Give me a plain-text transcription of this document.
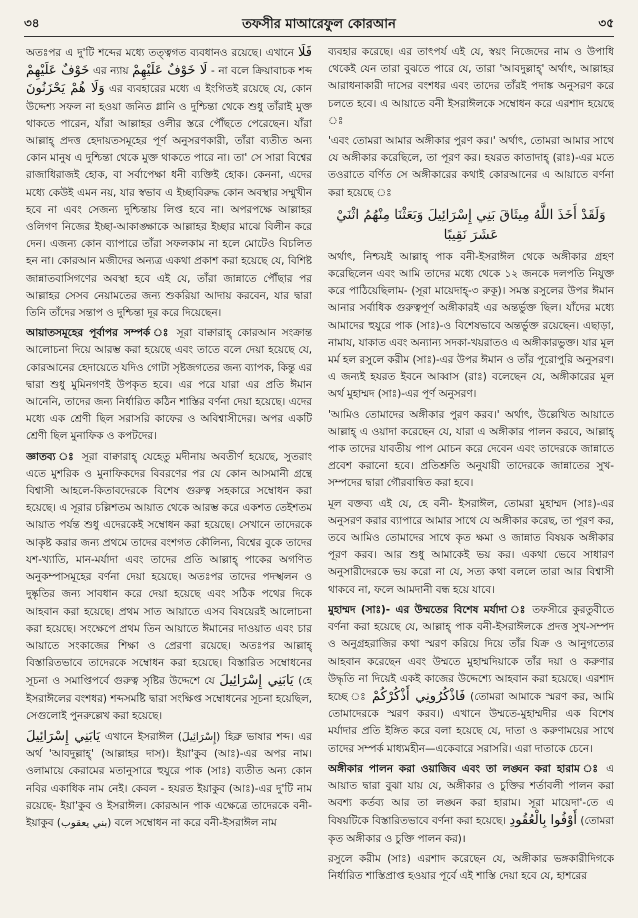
৩৪	তফসীর মাআরেফুল কোরআন	৩৫

অতঃপর এ দু'টি শব্দের মধ্যে তত্ত্বগত ব্যবধানও রয়েছে। এখানে فَلَا خَوْفٌ عَلَيْهِمْ এর ন্যায় لَا خَوْفٌ عَلَيْهِمْ - না বলে ক্রিয়াবাচক শব্দ وَلَا هُمْ يَحْزَنُونَ এর ব্যবহারের মধ্যে এ ইংগিতই রয়েছে যে, কোন উদ্দেশ্য সফল না হওয়া জনিত গ্লানি ও দুশ্চিন্তা থেকে শুধু তাঁরাই মুক্ত থাকতে পারেন, যাঁরা আল্লাহর ওলীর স্তরে পৌঁছতে পেরেছেন। যাঁরা আল্লাহ্ প্রদত্ত হেদায়তসমূহের পূর্ণ অনুসরণকারী, তাঁরা ব্যতীত অন্য কোন মানুষ এ দুশ্চিন্তা থেকে মুক্ত থাকতে পারে না। তা' সে সারা বিশ্বের রাজাধিরাজই হোক, বা সর্বাপেক্ষা ধনী ব্যক্তিই হোক। কেননা, এদের মধ্যে কেউই এমন নয়, যার স্বভাব এ ইচ্ছাবিরুদ্ধ কোন অবস্থার সম্মুখীন হবে না এবং সেজন্য দুশ্চিন্তায় লিপ্ত হবে না। অপরপক্ষে আল্লাহর ওলিগণ নিজের ইচ্ছা-আকাঙ্ক্ষাকে আল্লাহর ইচ্ছার মাঝে বিলীন করে দেন। এজন্য কোন ব্যাপারে তাঁরা সফলকাম না হলে মোটেও বিচলিত হন না। কোরআন মজীদের অন্যত্র একথা প্রকাশ করা হয়েছে যে, বিশিষ্ট জান্নাতবাসিগণের অবস্থা হবে এই যে, তাঁরা জান্নাতে পৌঁছার পর আল্লাহর সেসব নেয়ামতের জন্য শুকরিয়া আদায় করবেন, যার দ্বারা তিনি তাঁদের সন্তাপ ও দুশ্চিন্তা দূর করে দিয়েছেন।

আয়াতসমূহের পূর্বাপর সম্পর্ক ঃ সূরা বাক্বারাহ্ কোরআন সংক্রান্ত আলোচনা দিয়ে আরম্ভ করা হয়েছে এবং তাতে বলে দেয়া হয়েছে যে, কোরআনের হেদায়েতে যদিও গোটা সৃষ্টজগতের জন্য ব্যাপক, কিন্তু এর দ্বারা শুধু মুমিনগণই উপকৃত হবে। এর পরে যারা এর প্রতি ঈমান আনেনি, তাদের জন্য নির্ধারিত কঠিন শাস্তির বর্ণনা দেয়া হয়েছে। এদের মধ্যে এক শ্রেণী ছিল সরাসরি কাফের ও অবিশ্বাসীদের। অপর একটি শ্রেণী ছিল মুনাফিক ও কপটদের।

জ্ঞাতব্য ঃ সূরা বাক্বারাহ্ যেহেতু মদীনায় অবতীর্ণ হয়েছে, সুতরাং এতে মুশরিক ও মুনাফিকদের বিবরণের পর যে কোন আসমানী গ্রন্থে বিশ্বাসী আহলে-কিতাবদেরকে বিশেষ গুরুত্ব সহকারে সম্বোধন করা হয়েছে। এ সূরার চল্লিশতম আয়াত থেকে আরম্ভ করে একশত তেইশতম আয়াত পর্যন্ত শুধু এদেরকেই সম্বোধন করা হয়েছে। সেখানে তাদেরকে আকৃষ্ট করার জন্য প্রথমে তাদের বংশগত কৌলিন্য, বিশ্বের বুকে তাদের যশ-খ্যাতি, মান-মর্যাদা এবং তাদের প্রতি আল্লাহ্ পাকের অগণিত অনুকম্পাসমূহের বর্ণনা দেয়া হয়েছে। অতঃপর তাদের পদস্খলন ও দুষ্কৃতির জন্য সাবধান করে দেয়া হয়েছে এবং সঠিক পথের দিকে আহবান করা হয়েছে। প্রথম সাত আয়াতে এসব বিষয়েরই আলোচনা করা হয়েছে। সংক্ষেপে প্রথম তিন আয়াতে ঈমানের দাওয়াত এবং চার আয়াতে সংকাজের শিক্ষা ও প্রেরণা রয়েছে। অতঃপর আল্লাহ্ বিস্তারিতভাবে তাদেরকে সম্বোধন করা হয়েছে। বিস্তারিত সম্বোধনের সূচনা ও সমাপ্তিপর্বে গুরুত্ব সৃষ্টির উদ্দেশে যে يَابَنِي إِسْرَائِيلَ (হে ইসরাঈলের বংশধর) শব্দসমষ্টি দ্বারা সংক্ষিপ্ত সম্বোধনের সূচনা হয়েছিল, সেগুলোই পুনরুল্লেখ করা হয়েছে।

يَابَنِي إِسْرَائِيلَ এখানে ইসরাঈল (إِسْرَائِيلَ) হিব্রু ভাষার শব্দ। এর অর্থ 'আবদুল্লাহ্' (আল্লাহর দাস)। ইয়া'কুব (আঃ)-এর অপর নাম। ওলামায়ে কেরামের মতানুসারে হুযুরে পাক (সাঃ) ব্যতীত অন্য কোন নবির একাধিক নাম নেই। কেবল - হযরত ইয়াকুব (আঃ)-এর দু'টি নাম রয়েছে- ইয়া'কুব ও ইসরাঈল। কোরআন পাক এক্ষেত্রে তাদেরকে বনী-ইয়াকুব (بني يعقوب) বলে সম্বোধন না করে বনী-ইসরাঈল নাম

ব্যবহার করেছে। এর তাৎপর্য এই যে, স্বয়ং নিজেদের নাম ও উপাধি থেকেই যেন তারা বুঝতে পারে যে, তারা 'আবদুল্লাহ্' অর্থাৎ, আল্লাহর আরাধনাকারী দাসের বংশধর এবং তাদের তাঁরই পদাঙ্ক অনুসরণ করে চলতে হবে। এ আয়াতে বনী ইসরাঈলকে সম্বোধন করে এরশাদ হয়েছে ঃ

'এবং তোমরা আমার অঙ্গীকার পুরণ কর।' অর্থাৎ, তোমরা আমার সাথে যে অঙ্গীকার করেছিলে, তা পূরণ কর। হযরত কাতাদাহ্ (রাঃ)-এর মতে তওরাতে বর্ণিত সে অঙ্গীকারের কথাই কোরআনের এ আয়াতে বর্ণনা করা হয়েছে ঃ

وَلَقَدْ أَخَذَ اللَّهُ مِيثَاقَ بَنِي إِسْرَائِيلَ وَبَعَثْنَا مِنْهُمُ اثْنَيْ عَشَرَ نَقِيبًا

অর্থাৎ, নিশ্চয়ই আল্লাহ্ পাক বনী-ইসরাঈল থেকে অঙ্গীকার গ্রহণ করেছিলেন এবং আমি তাদের মধ্যে থেকে ১২ জনকে দলপতি নিযুক্ত করে পাঠিয়েছিলাম- (সূরা মায়েদাহ্-৩ রুকূ)। সমস্ত রসুলের উপর ঈমান আনার সর্বাধিক গুরুত্বপূর্ণ অঙ্গীকারই এর অন্তর্ভুক্ত ছিল। যাঁদের মধ্যে আমাদের হুযুরে পাক (সাঃ)-ও বিশেষভাবে অন্তর্ভুক্ত রয়েছেন। এছাড়া, নামায, যাকাত এবং অন্যান্য সদকা-খয়রাতও এ অঙ্গীকারভুক্ত। যার মূল মর্ম হল রসুলে করীম (সাঃ)-এর উপর ঈমান ও তাঁর পূরোপুরি অনুসরণ। এ জন্যই হযরত ইবনে আব্বাস (রাঃ) বলেছেন যে, অঙ্গীকারের মূল অর্থ মুহাম্মদ (সাঃ)-এর পূর্ণ অনুসরণ।

'আমিও তোমাদের অঙ্গীকার পুরণ করব।' অর্থাৎ, উল্লেখিত আয়াতে আল্লাহ্ এ ওয়াদা করেছেন যে, যারা এ অঙ্গীকার পালন করবে, আল্লাহ্ পাক তাদের যাবতীয় পাপ মোচন করে দেবেন এবং তাদেরকে জান্নাতে প্রবেশ করানো হবে। প্রতিশ্রুতি অনুযায়ী তাদেরকে জান্নাতের সুখ-সম্পদের দ্বারা গৌরবান্বিত করা হবে।

মূল বক্তব্য এই যে, হে বনী- ইসরাঈল, তোমরা মুহাম্মদ (সাঃ)-এর অনুসরণ করার ব্যাপারে আমার সাথে যে অঙ্গীকার করেছ, তা পূরণ কর, তবে আমিও তোমাদের সাথে কৃত ক্ষমা ও জান্নাত বিষয়ক অঙ্গীকার পূরণ করব। আর শুধু আমাকেই ভয় কর। একথা ভেবে সাধারণ অনুসারীদেরকে ভয় করো না যে, সত্য কথা বললে তারা আর বিশ্বাসী থাকবে না, ফলে আমদানী বন্ধ হয়ে যাবে।

মুহাম্মদ (সাঃ)- এর উম্মতের বিশেষ মর্যাদা ঃ তফসীরে কুরতুবীতে বর্ণনা করা হয়েছে যে, আল্লাহ্ পাক বনী-ইসরাঈলকে প্রদত্ত সুখ-সম্পদ ও অনুগ্রহরাজির কথা স্মরণ করিয়ে দিয়ে তাঁর যিক্র ও আনুগত্যের আহবান করেছেন এবং উম্মতে মুহাম্মদিয়াকে তাঁর দয়া ও করুণার উদ্ধৃতি না দিয়েই একই কাজের উদ্দেশ্যে আহবান করা হয়েছে। এরশাদ হচ্ছে ঃ فَاذْكُرُونِي أَذْكُرْكُمْ (তোমরা আমাকে স্মরণ কর, আমি তোমাদেরকে স্মরণ করব।) এখানে উম্মতে-মুহাম্মদীর এক বিশেষ মর্যাদার প্রতি ইঙ্গিত করে বলা হয়েছে যে, দাতা ও করুণাময়ের সাথে তাদের সম্পর্ক মাধ্যমহীন—একেবারে সরাসরি। এরা দাতাকে চেনে।

অঙ্গীকার পালন করা ওয়াজিব এবং তা লঙ্ঘন করা হারাম ঃ এ আয়াত দ্বারা বুঝা যায় যে, অঙ্গীকার ও চুক্তির শর্তাবলী পালন করা অবশ্য কর্তব্য আর তা লঙ্ঘন করা হারাম। সূরা মায়েদা'-তে এ বিষয়টিকে বিস্তারিতভাবে বর্ণনা করা হয়েছে। أَوْفُوا بِالْعُقُودِ (তোমরা কৃত অঙ্গীকার ও চুক্তি পালন কর)।

রসুলে করীম (সাঃ) এরশাদ করেছেন যে, অঙ্গীকার ভঙ্গকারীদিগকে নির্ধারিত শাস্তিপ্রাপ্ত হওয়ার পূর্বে এই শাস্তি দেয়া হবে যে, হাশরের
